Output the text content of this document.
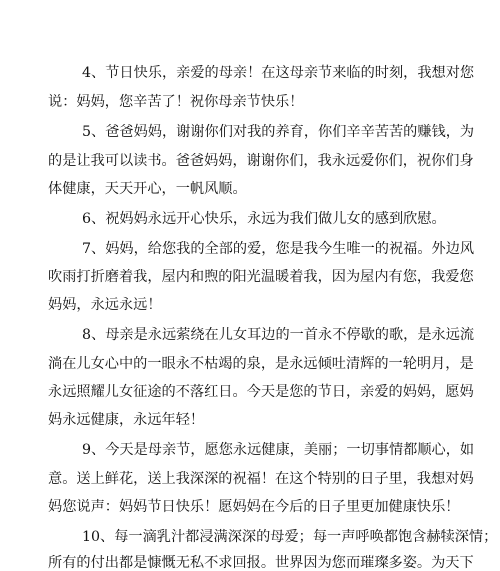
4、节日快乐，亲爱的母亲！在这母亲节来临的时刻，我想对您
说：妈妈，您辛苦了！祝你母亲节快乐！
5、爸爸妈妈，谢谢你们对我的养育，你们辛辛苦苦的赚钱，为
的是让我可以读书。爸爸妈妈，谢谢你们，我永远爱你们，祝你们身
体健康，天天开心，一帆风顺。
6、祝妈妈永远开心快乐，永远为我们做儿女的感到欣慰。
7、妈妈，给您我的全部的爱，您是我今生唯一的祝福。外边风
吹雨打折磨着我，屋内和煦的阳光温暖着我，因为屋内有您，我爱您
妈妈，永远永远！
8、母亲是永远萦绕在儿女耳边的一首永不停歇的歌，是永远流
淌在儿女心中的一眼永不枯竭的泉，是永远倾吐清辉的一轮明月，是
永远照耀儿女征途的不落红日。今天是您的节日，亲爱的妈妈，愿妈
妈永远健康，永远年轻！
9、今天是母亲节，愿您永远健康，美丽；一切事情都顺心，如
意。送上鲜花，送上我深深的祝福！在这个特别的日子里，我想对妈
妈您说声：妈妈节日快乐！愿妈妈在今后的日子里更加健康快乐！
10、每一滴乳汁都浸满深深的母爱；每一声呼唤都饱含赫犊深情；
所有的付出都是慷慨无私不求回报。世界因为您而璀璨多姿。为天下
